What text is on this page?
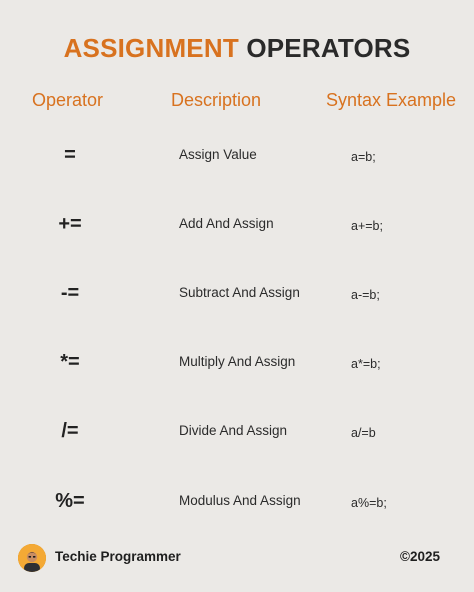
ASSIGNMENT OPERATORS
Operator	Description	Syntax Example
=	Assign Value	a=b;
+=	Add And Assign	a+=b;
-=	Subtract And Assign	a-=b;
*=	Multiply And Assign	a*=b;
/=	Divide And Assign	a/=b
%=	Modulus And Assign	a%=b;
Techie Programmer	©2025
